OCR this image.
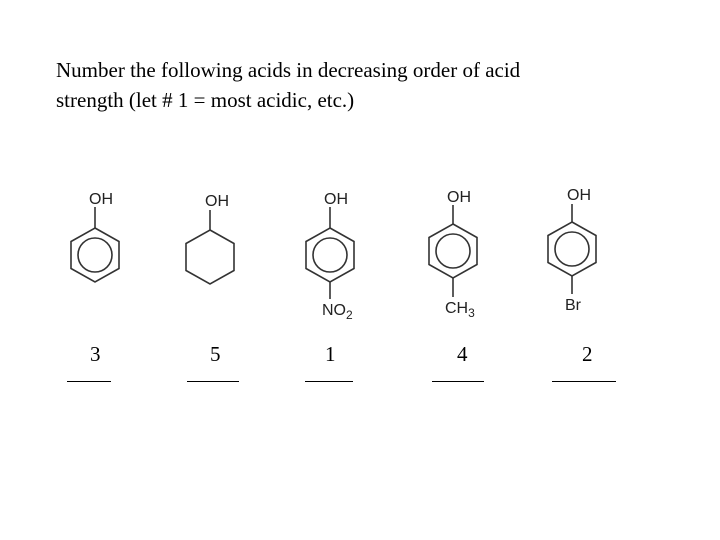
Number the following acids in decreasing order of acid
strength (let # 1 = most acidic, etc.)
OH	OH	OH	OH	OH
$NO_2$	$CH_3$	Br
3	5	1	4	2
